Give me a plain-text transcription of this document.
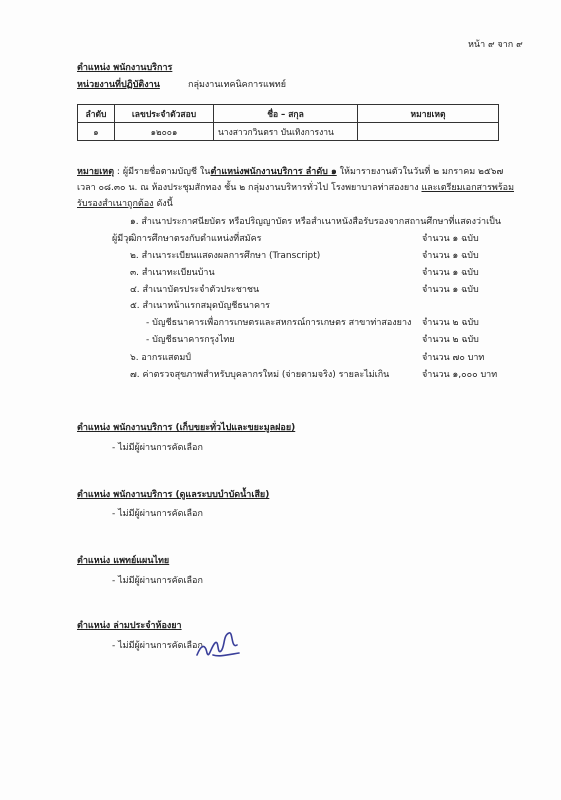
หน้า ๙ จาก ๙
ตำแหน่ง พนักงานบริการ
หน่วยงานที่ปฏิบัติงาน	กลุ่มงานเทคนิคการแพทย์
ลำดับ	เลขประจำตัวสอบ	ชื่อ – สกุล	หมายเหตุ
๑	๑๒๐๐๑	นางสาวกวินตรา บันเทิงการงาน	
หมายเหตุ : ผู้มีรายชื่อตามบัญชี ในตำแหน่งพนักงานบริการ ลำดับ ๑ ให้มารายงานตัวในวันที่ ๒ มกราคม ๒๕๖๗
เวลา ๐๘.๓๐ น. ณ ห้องประชุมสักทอง ชั้น ๒ กลุ่มงานบริหารทั่วไป โรงพยาบาลท่าสองยาง และเตรียมเอกสารพร้อม
รับรองสำเนาถูกต้อง ดังนี้
๑. สำเนาประกาศนียบัตร หรือปริญญาบัตร หรือสำเนาหนังสือรับรองจากสถานศึกษาที่แสดงว่าเป็น
ผู้มีวุฒิการศึกษาตรงกับตำแหน่งที่สมัคร	จำนวน ๑ ฉบับ
๒. สำเนาระเบียนแสดงผลการศึกษา (Transcript)	จำนวน ๑ ฉบับ
๓. สำเนาทะเบียนบ้าน	จำนวน ๑ ฉบับ
๔. สำเนาบัตรประจำตัวประชาชน	จำนวน ๑ ฉบับ
๕. สำเนาหน้าแรกสมุดบัญชีธนาคาร
- บัญชีธนาคารเพื่อการเกษตรและสหกรณ์การเกษตร สาขาท่าสองยาง จำนวน ๒ ฉบับ
- บัญชีธนาคารกรุงไทย	จำนวน ๒ ฉบับ
๖. อากรแสตมป์	จำนวน ๗๐ บาท
๗. ค่าตรวจสุขภาพสำหรับบุคลากรใหม่ (จ่ายตามจริง) รายละไม่เกิน	จำนวน ๑,๐๐๐ บาท
ตำแหน่ง พนักงานบริการ (เก็บขยะทั่วไปและขยะมูลฝอย)
- ไม่มีผู้ผ่านการคัดเลือก
ตำแหน่ง พนักงานบริการ (ดูแลระบบบำบัดน้ำเสีย)
- ไม่มีผู้ผ่านการคัดเลือก
ตำแหน่ง แพทย์แผนไทย
- ไม่มีผู้ผ่านการคัดเลือก
ตำแหน่ง ล่ามประจำห้องยา
- ไม่มีผู้ผ่านการคัดเลือก
